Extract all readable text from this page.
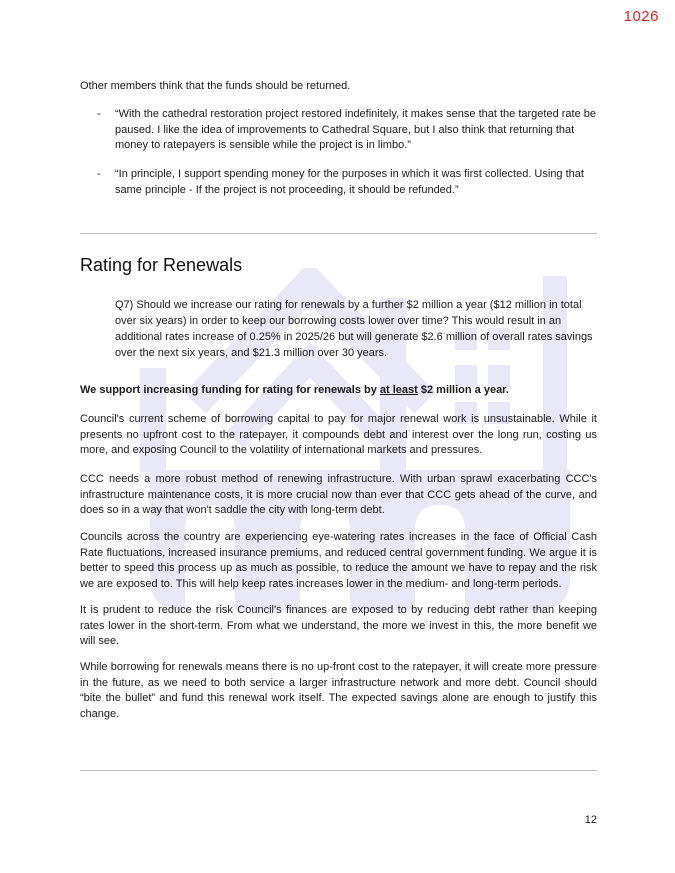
1026
Other members think that the funds should be returned.
-	“With the cathedral restoration project restored indefinitely, it makes sense that the targeted rate be paused. I like the idea of improvements to Cathedral Square, but I also think that returning that money to ratepayers is sensible while the project is in limbo.”
-	“In principle, I support spending money for the purposes in which it was first collected. Using that same principle - If the project is not proceeding, it should be refunded.”
Rating for Renewals
Q7) Should we increase our rating for renewals by a further $2 million a year ($12 million in total over six years) in order to keep our borrowing costs lower over time? This would result in an additional rates increase of 0.25% in 2025/26 but will generate $2.6 million of overall rates savings over the next six years, and $21.3 million over 30 years.
We support increasing funding for rating for renewals by at least $2 million a year.
Council's current scheme of borrowing capital to pay for major renewal work is unsustainable. While it presents no upfront cost to the ratepayer, it compounds debt and interest over the long run, costing us more, and exposing Council to the volatility of international markets and pressures.
CCC needs a more robust method of renewing infrastructure. With urban sprawl exacerbating CCC's infrastructure maintenance costs, it is more crucial now than ever that CCC gets ahead of the curve, and does so in a way that won't saddle the city with long-term debt.
Councils across the country are experiencing eye-watering rates increases in the face of Official Cash Rate fluctuations, increased insurance premiums, and reduced central government funding. We argue it is better to speed this process up as much as possible, to reduce the amount we have to repay and the risk we are exposed to. This will help keep rates increases lower in the medium- and long-term periods.
It is prudent to reduce the risk Council's finances are exposed to by reducing debt rather than keeping rates lower in the short-term. From what we understand, the more we invest in this, the more benefit we will see.
While borrowing for renewals means there is no up-front cost to the ratepayer, it will create more pressure in the future, as we need to both service a larger infrastructure network and more debt. Council should “bite the bullet” and fund this renewal work itself. The expected savings alone are enough to justify this change.
12
